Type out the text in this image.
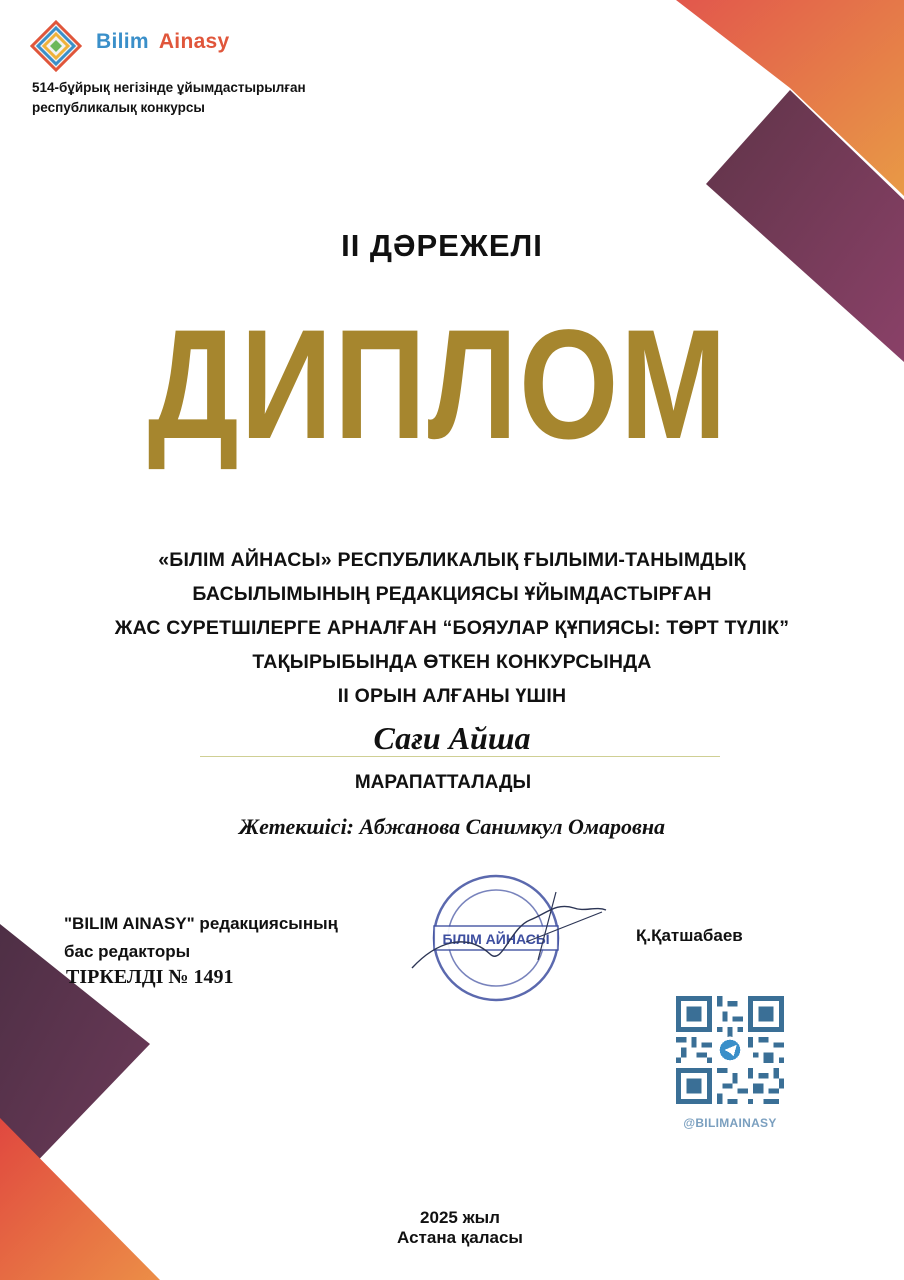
Bilim Ainasy
514-бұйрық негізінде ұйымдастырылған
республикалық конкурсы
II ДӘРЕЖЕЛІ
ДИПЛОМ
«БІЛІМ АЙНАСЫ» РЕСПУБЛИКАЛЫҚ ҒЫЛЫМИ-ТАНЫМДЫҚ
БАСЫЛЫМЫНЫҢ РЕДАКЦИЯСЫ ҰЙЫМДАСТЫРҒАН
ЖАС СУРЕТШІЛЕРГЕ АРНАЛҒАН “БОЯУЛАР ҚҰПИЯСЫ: ТӨРТ ТҮЛІК”
ТАҚЫРЫБЫНДА ӨТКЕН КОНКУРСЫНДА
II ОРЫН АЛҒАНЫ ҮШІН
Сағи Айша
МАРАПАТТАЛАДЫ
Жетекшісі: Абжанова Санимкул Омаровна
"BILIM AINASY" редакциясының
бас редакторы
ТІРКЕЛДІ № 1491
БІЛІМ АЙНАСЫ	Қ.Қатшабаев
@BILIMAINASY
2025 жыл
Астана қаласы
